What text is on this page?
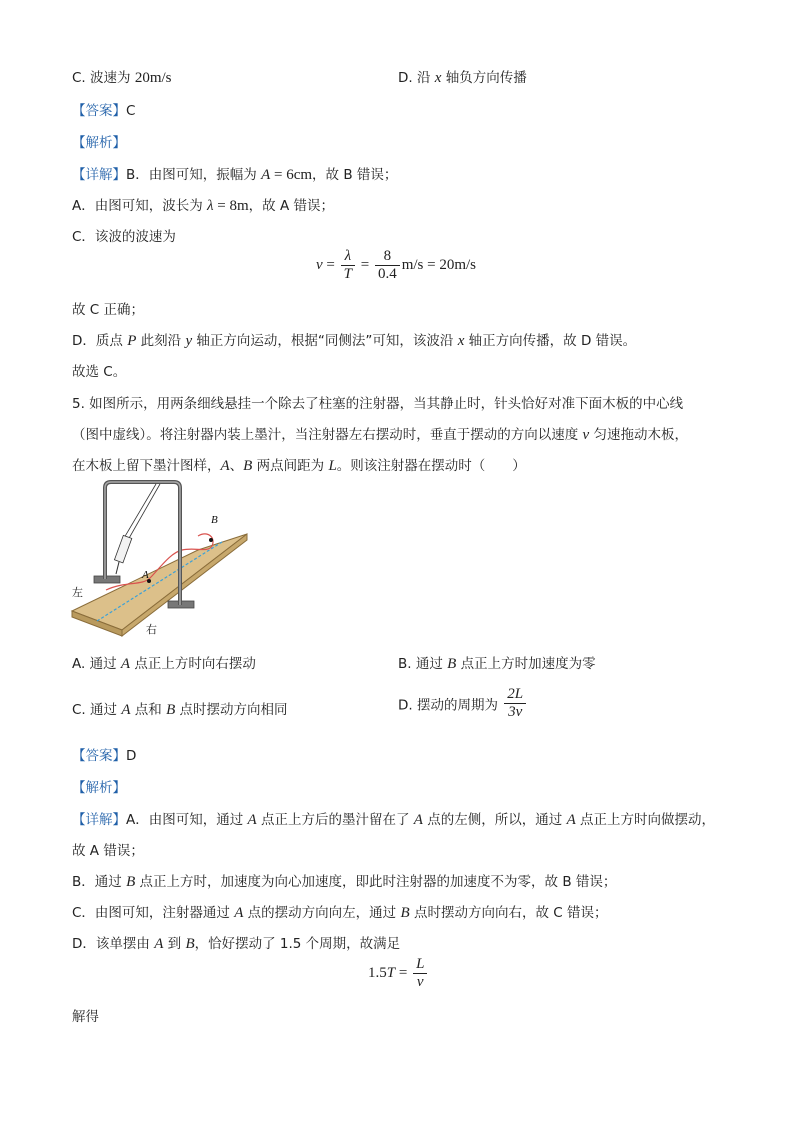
C. 波速为 20m/s	D. 沿 x 轴负方向传播
【答案】C
【解析】
【详解】B．由图可知，振幅为 A = 6cm，故 B 错误；
A．由图可知，波长为 λ = 8m，故 A 错误；
C．该波的波速为
$v = \frac{\lambda}{T} = \frac{8}{0.4} m/s = 20m/s$
故 C 正确；
D．质点 P 此刻沿 y 轴正方向运动，根据“同侧法”可知，该波沿 x 轴正方向传播，故 D 错误。
故选 C。
5. 如图所示，用两条细线悬挂一个除去了柱塞的注射器，当其静止时，针头恰好对准下面木板的中心线
（图中虚线）。将注射器内装上墨汁，当注射器左右摆动时，垂直于摆动的方向以速度 v 匀速拖动木板，
在木板上留下墨汁图样，A、B 两点间距为 L。则该注射器在摆动时（　　）
A
B
左
右
A. 通过 A 点正上方时向右摆动	B. 通过 B 点正上方时加速度为零
C. 通过 A 点和 B 点时摆动方向相同	D. 摆动的周期为 $\frac{2L}{3v}$
【答案】D
【解析】
【详解】A．由图可知，通过 A 点正上方后的墨汁留在了 A 点的左侧，所以，通过 A 点正上方时向做摆动，
故 A 错误；
B．通过 B 点正上方时，加速度为向心加速度，即此时注射器的加速度不为零，故 B 错误；
C．由图可知，注射器通过 A 点的摆动方向向左，通过 B 点时摆动方向向右，故 C 错误；
D．该单摆由 A 到 B，恰好摆动了 1.5 个周期，故满足
$1.5T = \frac{L}{v}$
解得
